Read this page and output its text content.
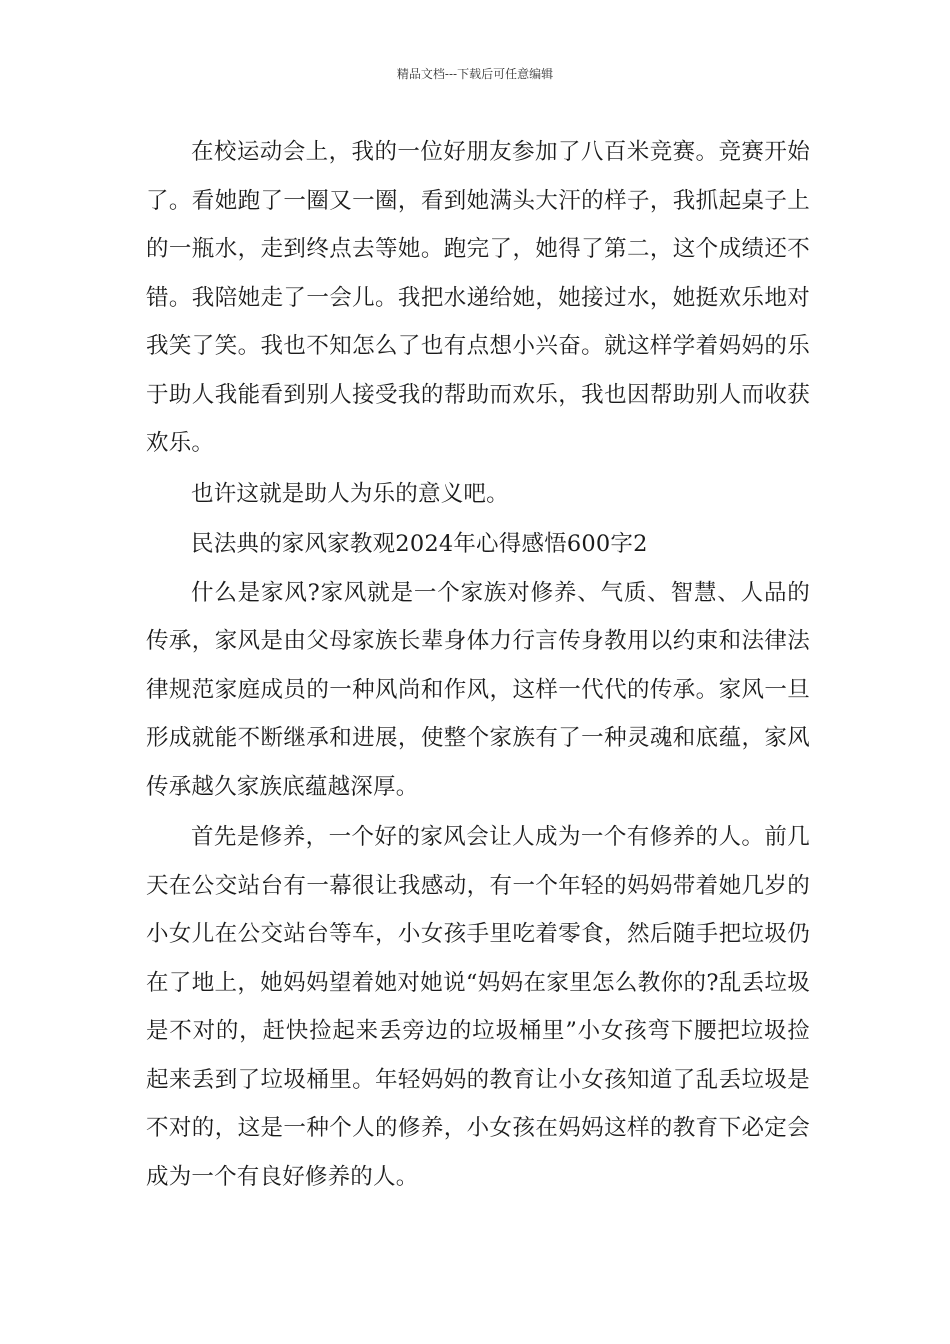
精品文档---下载后可任意编辑

在校运动会上，我的一位好朋友参加了八百米竞赛。竞赛开始了。看她跑了一圈又一圈，看到她满头大汗的样子，我抓起桌子上的一瓶水，走到终点去等她。跑完了，她得了第二，这个成绩还不错。我陪她走了一会儿。我把水递给她，她接过水，她挺欢乐地对我笑了笑。我也不知怎么了也有点想小兴奋。就这样学着妈妈的乐于助人我能看到别人接受我的帮助而欢乐，我也因帮助别人而收获欢乐。

也许这就是助人为乐的意义吧。

民法典的家风家教观2024年心得感悟600字2

什么是家风?家风就是一个家族对修养、气质、智慧、人品的传承，家风是由父母家族长辈身体力行言传身教用以约束和法律法律规范家庭成员的一种风尚和作风，这样一代代的传承。家风一旦形成就能不断继承和进展，使整个家族有了一种灵魂和底蕴，家风传承越久家族底蕴越深厚。

首先是修养，一个好的家风会让人成为一个有修养的人。前几天在公交站台有一幕很让我感动，有一个年轻的妈妈带着她几岁的小女儿在公交站台等车，小女孩手里吃着零食，然后随手把垃圾仍在了地上，她妈妈望着她对她说“妈妈在家里怎么教你的?乱丢垃圾是不对的，赶快捡起来丢旁边的垃圾桶里”小女孩弯下腰把垃圾捡起来丢到了垃圾桶里。年轻妈妈的教育让小女孩知道了乱丢垃圾是不对的，这是一种个人的修养，小女孩在妈妈这样的教育下必定会成为一个有良好修养的人。
